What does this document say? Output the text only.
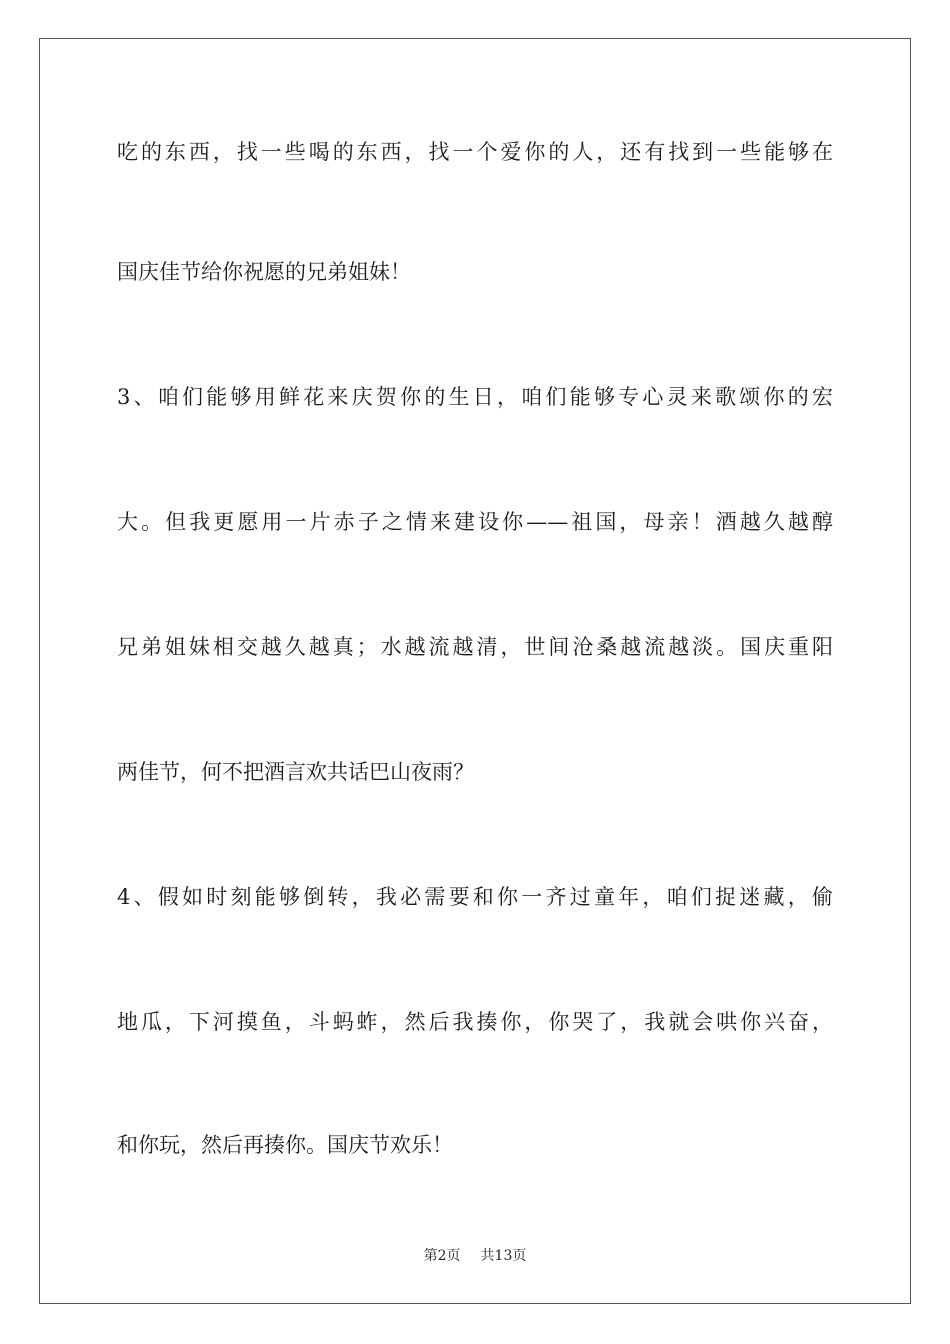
吃的东西，找一些喝的东西，找一个爱你的人，还有找到一些能够在
国庆佳节给你祝愿的兄弟姐妹！
3、咱们能够用鲜花来庆贺你的生日，咱们能够专心灵来歌颂你的宏
大。但我更愿用一片赤子之情来建设你——祖国，母亲！酒越久越醇
兄弟姐妹相交越久越真；水越流越清，世间沧桑越流越淡。国庆重阳
两佳节，何不把酒言欢共话巴山夜雨？
4、假如时刻能够倒转，我必需要和你一齐过童年，咱们捉迷藏，偷
地瓜，下河摸鱼，斗蚂蚱，然后我揍你，你哭了，我就会哄你兴奋，
和你玩，然后再揍你。国庆节欢乐！
第2页 共13页
